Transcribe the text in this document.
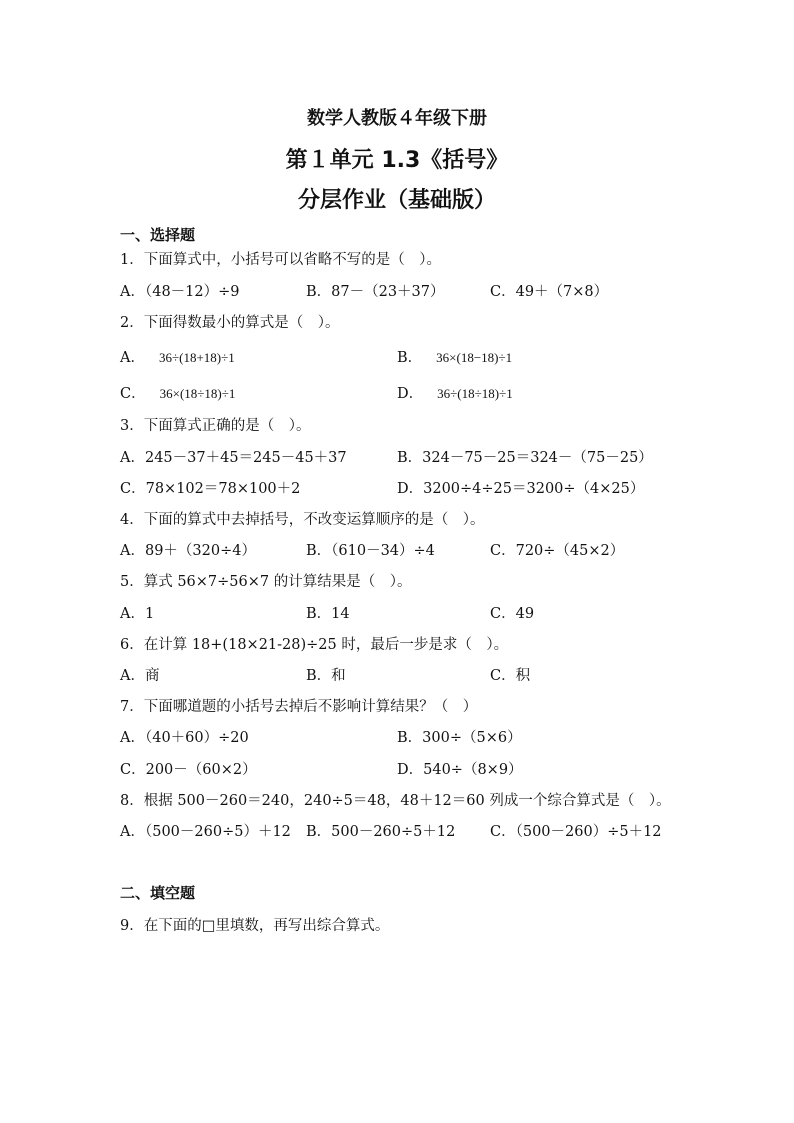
数学人教版４年级下册
第１单元 1.3《括号》
分层作业（基础版）
一、选择题
1．下面算式中，小括号可以省略不写的是（　）。
A．（48－12）÷9	B．87－（23＋37）	C．49＋（7×8）
2．下面得数最小的算式是（　）。
A． 36÷(18+18)÷1	B． 36×(18−18)÷1
C． 36×(18÷18)÷1	D． 36÷(18÷18)÷1
3．下面算式正确的是（　）。
A．245－37＋45＝245－45＋37	B．324－75－25＝324－（75－25）
C．78×102＝78×100＋2	D．3200÷4÷25＝3200÷（4×25）
4．下面的算式中去掉括号，不改变运算顺序的是（　）。
A．89＋（320÷4）	B．（610－34）÷4	C．720÷（45×2）
5．算式 56×7÷56×7 的计算结果是（　）。
A．1	B．14	C．49
6．在计算 18+(18×21-28)÷25 时，最后一步是求（　）。
A．商	B．和	C．积
7．下面哪道题的小括号去掉后不影响计算结果？（　）
A．（40＋60）÷20	B．300÷（5×6）
C．200－（60×2）	D．540÷（8×9）
8．根据 500－260＝240，240÷5＝48，48＋12＝60 列成一个综合算式是（　）。
A．（500－260÷5）＋12 B．500－260÷5＋12 C．（500－260）÷5＋12
二、填空题
9．在下面的□里填数，再写出综合算式。
